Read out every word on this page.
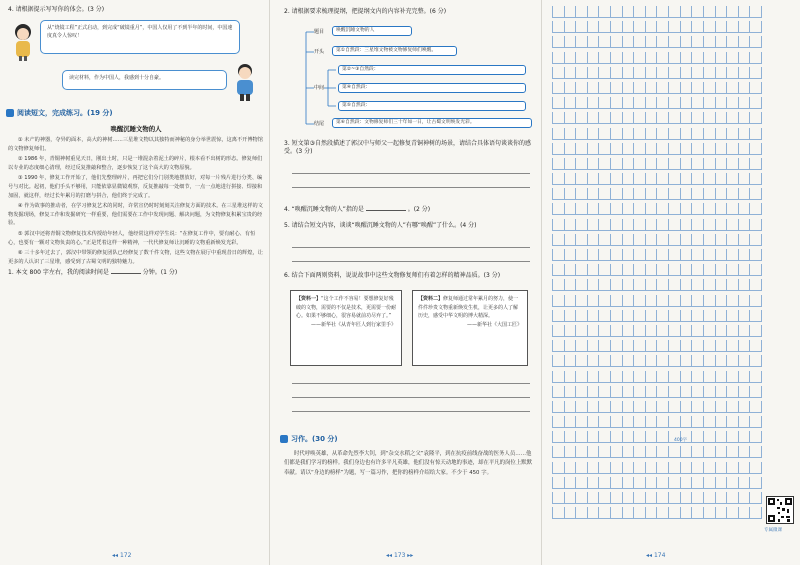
4. 请根据提示写写你的体会。(3 分)
从“烧镜工程”正式启动，到完成“破镜重月”，中国人仅用了不到半年的时间，中国速度真令人惊叹！
读完材料，作为中国人，我感到十分自豪。
阅读短文，完成练习。(19 分)
唤醒沉睡文物的人

① 未产的神器，夺异的面本，高大的神树……三星堆文物以其独特而神秘的身分举世震惊，这离不开博物馆的文物修复师们。

② 1986 年，青铜神树重见天日，刚出土时，只是一堆混杂着泥土的碎片，根本看不出树的形态。修复师们以专业的态度细心清理，经过反复推敲和整合，逐步恢复了这个高大的文物原貌。

③ 1990 年，修复工作开始了，他们先整理碎片，再把它们分门别类地摆放好，对每一片残片进行分类、编号与对比。起初，他们手头不够用，只能依靠显微镜观察，反复推敲每一处细节，一点一点地进行拼接、焊接和加固，就这样，经过长年累月的打磨与拼合，他们终于完成了。

④ 作为故事的推动者，在学习修复艺术的同时，许常宣仍时时刻刻关注修复方面的技术。在三星堆这样的文物发掘现场，修复工作和发掘研究一样重要，他们需要在工作中发现问题、解决问题，为文物修复积累宝贵的经验。

⑤ 郭汉中还将青铜文物修复技术传授给年轻人，他经常这样对学生说：“在修复工作中，要有耐心、有恒心，也要有一颗对文物负责的心。”正是凭着这样一种精神，一代代修复师让沉睡的文物重新焕发光彩。

⑥ 三十多年过去了，郭汉中带领的修复团队已经修复了数千件文物，这些文物在展厅中重现昔日的辉煌，让更多的人认识了三星堆，感受到了古蜀文明的独特魅力。

1. 本文 800 字左右，我的阅读时间是	分钟。(1 分)
◂◂ 172
2. 请根据要求梳理提纲，把提纲文内的内容补充完整。(6 分)
题目	唤醒沉睡文物的人
开头	第①自然段：三星堆文物被文物修复师们唤醒。
中间
第②~③自然段：
第④自然段：
第⑤自然段：
结尾	第⑥自然段：文物修复师们三十年如一日，让古蜀文明焕发光彩。
3. 短文第③自然段描述了郭汉中与师父一起修复青铜神树的场景，请结合具体语句谈谈你的感受。(3 分)
4. “唤醒沉睡文物的人”指的是	。(2 分)
5. 请结合短文内容，谈谈“唤醒沉睡文物的人”有哪“唤醒”了什么。(4 分)
6. 结合下面两则资料，说说故事中这些文物修复师们有着怎样的精神品质。(3 分)
【资料一】“这个工作不容易！要想修复好残破的文物，需要的不仅是技术，更需要一份耐心。如果不够细心，很容易就前功尽弃了。”
——新华社《从青年匠人到行家里手》
【资料二】修复师通过常年累月的努力，使一件件珍贵文物重新焕发生机，让更多的人了解历史，感受中华文明的博大精深。
——新华社《大国工匠》
习作。(30 分)

时代呼唤英雄，从革命先烈李大钊，到“杂交水稻之父”袁隆平，到在抗疫前线奋战的医务人员……他们都是我们学习的榜样。我们身边也有许多平凡英雄，他们没有惊天动地的事迹，却在平凡的岗位上默默奉献。请以“身边的榜样”为题，写一篇习作，把你的榜样介绍给大家。不少于 450 字。

◂◂ 173 ▸▸
400字
专属微课
◂◂ 174
